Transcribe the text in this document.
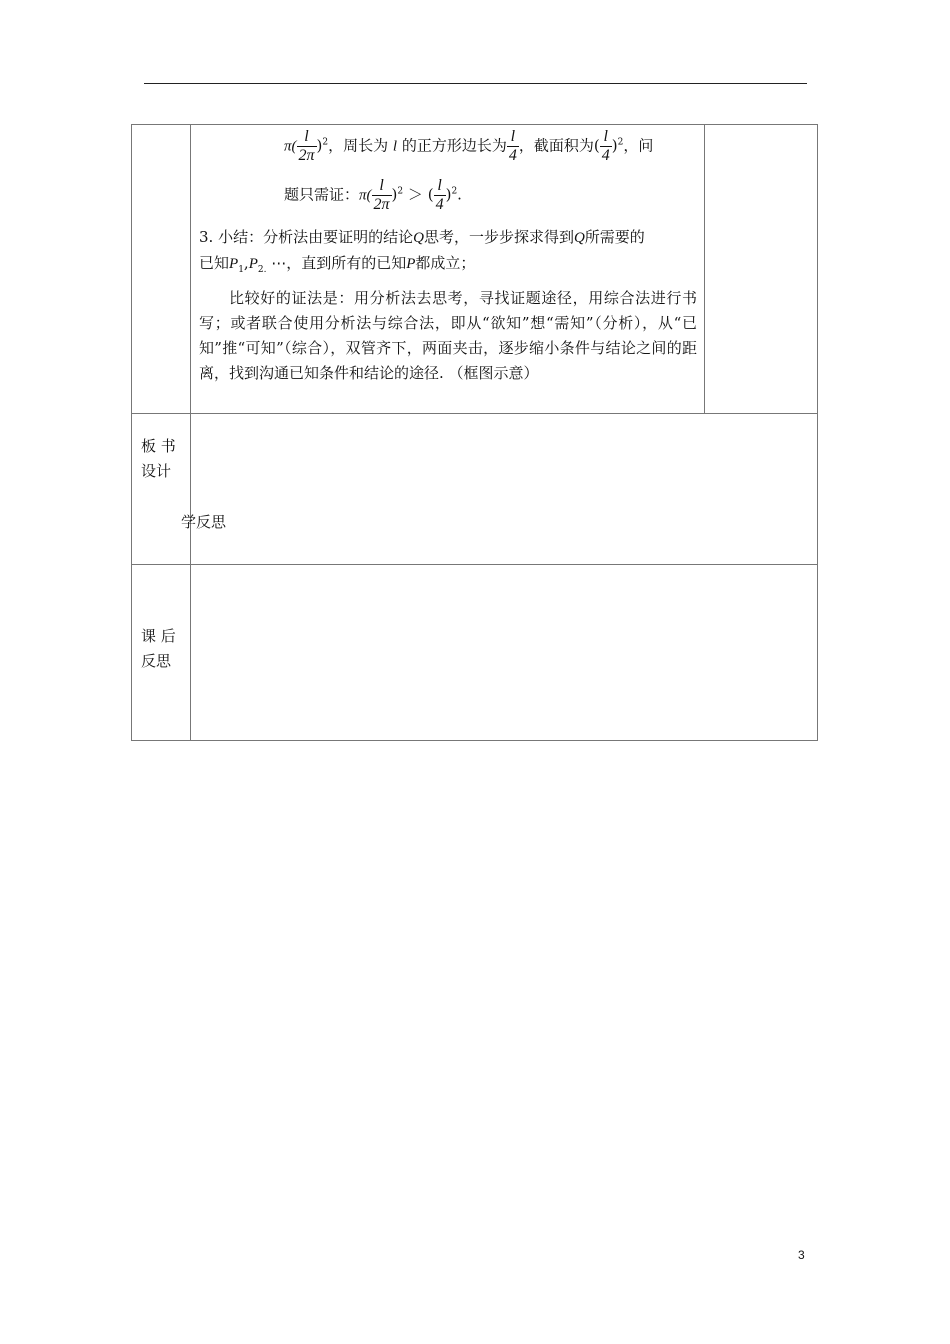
$\pi( \frac{l}{2\pi} )^2$，周长为 l 的正方形边长为 $\frac{l}{4}$ ，截面积为( $\frac{l}{4} )^2$，问
题只需证：$\pi( \frac{l}{2\pi} )^2$ ＞ ( $\frac{l}{4} )^2$.
3. 小结：分析法由要证明的结论Q思考，一步步探求得到Q所需要的
已知$P_1,P_{2.}$ ⋯，直到所有的已知P都成立；
比较好的证法是：用分析法去思考，寻找证题途径，用综合法进行书写；或者联合使用分析法与综合法，即从“欲知”想“需知”（分析），从“已知”推“可知”（综合），双管齐下，两面夹击，逐步缩小条件与结论之间的距离，找到沟通已知条件和结论的途径. （框图示意）
板 书
设计
学反思
课 后
反思
3
